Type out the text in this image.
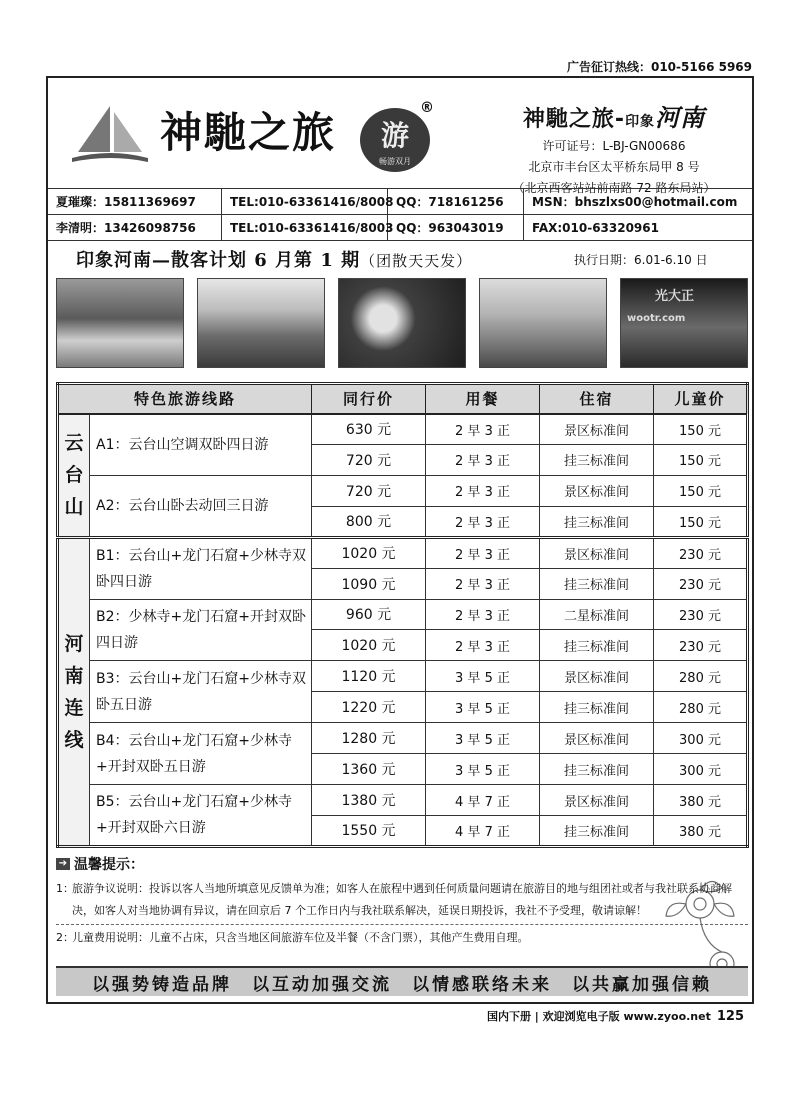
广告征订热线：010-5166 5969
神馳之旅 游
畅游双月
®	神馳之旅-印象河南
许可证号：L-BJ-GN00686
北京市丰台区太平桥东局甲 8 号
（北京西客站站前南路 72 路东局站）
夏璀璨：15811369697	TEL:010-63361416/8008 QQ：718161256	MSN：bhszlxs00@hotmail.com
李清明：13426098756	TEL:010-63361416/8003 QQ：963043019	FAX:010-63320961
印象河南—散客计划 6 月第 1 期（团散天天发）	执行日期：6.01-6.10 日
光大正
wootr.com
特色旅游线路		同行价	用餐	住宿	儿童价

云
台
山	A1：云台山空调双卧四日游	630 元	2 早 3 正	景区标准间	150 元
		720 元	2 早 3 正	挂三标准间	150 元
	A2：云台山卧去动回三日游	720 元	2 早 3 正	景区标准间	150 元
		800 元	2 早 3 正	挂三标准间	150 元

河
南
连
线	B1：云台山+龙门石窟+少林寺双卧四日游	1020 元	2 早 3 正	景区标准间	230 元
		1090 元	2 早 3 正	挂三标准间	230 元
	B2：少林寺+龙门石窟+开封双卧四日游	960 元	2 早 3 正	二星标准间	230 元
		1020 元	2 早 3 正	挂三标准间	230 元
	B3：云台山+龙门石窟+少林寺双卧五日游	1120 元	3 早 5 正	景区标准间	280 元
		1220 元	3 早 5 正	挂三标准间	280 元
	B4：云台山+龙门石窟+少林寺+开封双卧五日游	1280 元	3 早 5 正	景区标准间	300 元
		1360 元	3 早 5 正	挂三标准间	300 元
	B5：云台山+龙门石窟+少林寺+开封双卧六日游	1380 元	4 早 7 正	景区标准间	380 元
		1550 元	4 早 7 正	挂三标准间	380 元
➔ 温馨提示：
1：
旅游争议说明：投诉以客人当地所填意见反馈单为准；如客人在旅程中遇到任何质量问题请在旅游目的地与组团社或者与我社联系协商解决，如客人对当地协调有异议，请在回京后 7 个工作日内与我社联系解决，延误日期投诉，我社不予受理，敬请谅解！
2：
儿童费用说明：儿童不占床，只含当地区间旅游车位及半餐（不含门票），其他产生费用自理。
以强势铸造品牌　以互动加强交流　以情感联络未来　以共赢加强信赖
国内下册 | 欢迎浏览电子版 www.zyoo.net 125
